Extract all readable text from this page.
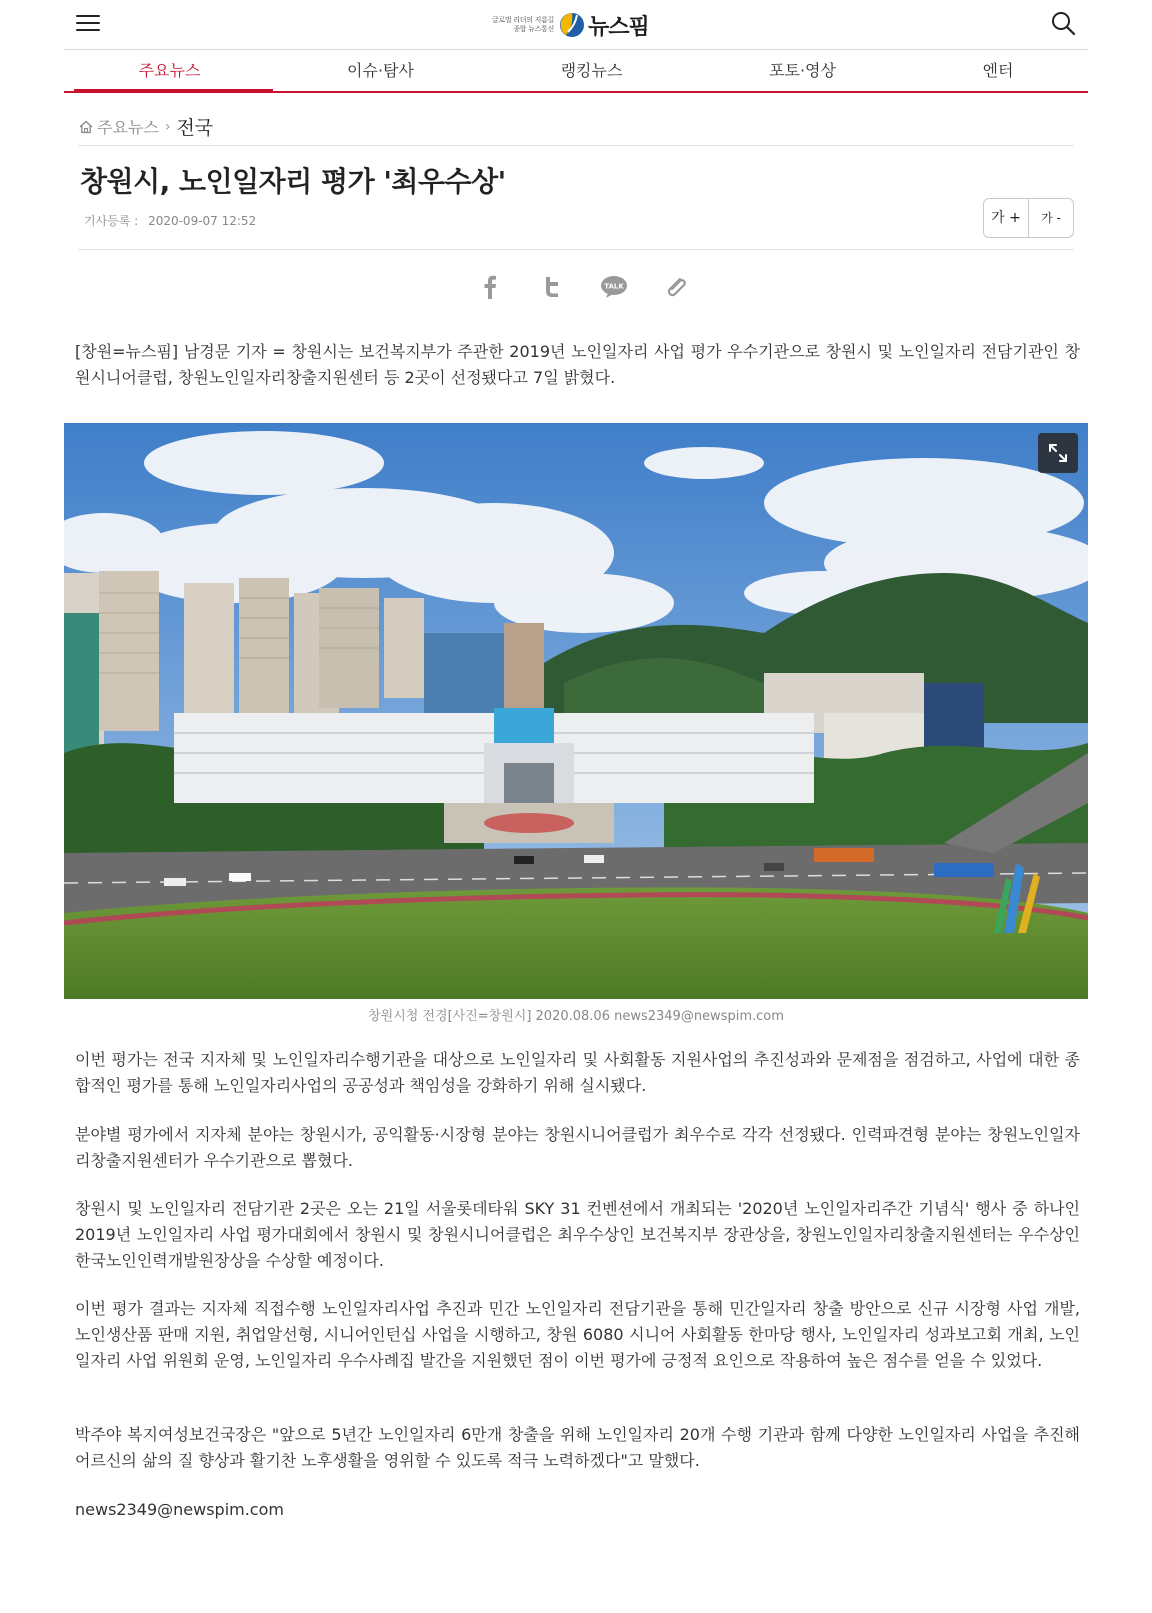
글로벌 리더의 지름길
종합 뉴스통신 뉴스핌
주요뉴스	이슈·탐사	랭킹뉴스	포토·영상	엔터
주요뉴스 › 전국
창원시, 노인일자리 평가 '최우수상'
기사등록 : 2020-09-07 12:52	가 +	가 -
TALK

[창원=뉴스핌] 남경문 기자 = 창원시는 보건복지부가 주관한 2019년 노인일자리 사업 평가 우수기관으로 창원시 및 노인일자리 전담기관인 창원시니어클럽, 창원노인일자리창출지원센터 등 2곳이 선정됐다고 7일 밝혔다.

창원시청 전경[사진=창원시] 2020.08.06 news2349@newspim.com

이번 평가는 전국 지자체 및 노인일자리수행기관을 대상으로 노인일자리 및 사회활동 지원사업의 추진성과와 문제점을 점검하고, 사업에 대한 종합적인 평가를 통해 노인일자리사업의 공공성과 책임성을 강화하기 위해 실시됐다.

분야별 평가에서 지자체 분야는 창원시가, 공익활동·시장형 분야는 창원시니어클럽가 최우수로 각각 선정됐다. 인력파견형 분야는 창원노인일자리창출지원센터가 우수기관으로 뽑혔다.

창원시 및 노인일자리 전담기관 2곳은 오는 21일 서울롯데타워 SKY 31 컨벤션에서 개최되는 '2020년 노인일자리주간 기념식' 행사 중 하나인 2019년 노인일자리 사업 평가대회에서 창원시 및 창원시니어클럽은 최우수상인 보건복지부 장관상을, 창원노인일자리창출지원센터는 우수상인 한국노인인력개발원장상을 수상할 예정이다.

이번 평가 결과는 지자체 직접수행 노인일자리사업 추진과 민간 노인일자리 전담기관을 통해 민간일자리 창출 방안으로 신규 시장형 사업 개발, 노인생산품 판매 지원, 취업알선형, 시니어인턴십 사업을 시행하고, 창원 6080 시니어 사회활동 한마당 행사, 노인일자리 성과보고회 개최, 노인일자리 사업 위원회 운영, 노인일자리 우수사례집 발간을 지원했던 점이 이번 평가에 긍정적 요인으로 작용하여 높은 점수를 얻을 수 있었다.

박주야 복지여성보건국장은 "앞으로 5년간 노인일자리 6만개 창출을 위해 노인일자리 20개 수행 기관과 함께 다양한 노인일자리 사업을 추진해 어르신의 삶의 질 향상과 활기찬 노후생활을 영위할 수 있도록 적극 노력하겠다"고 말했다.

news2349@newspim.com
